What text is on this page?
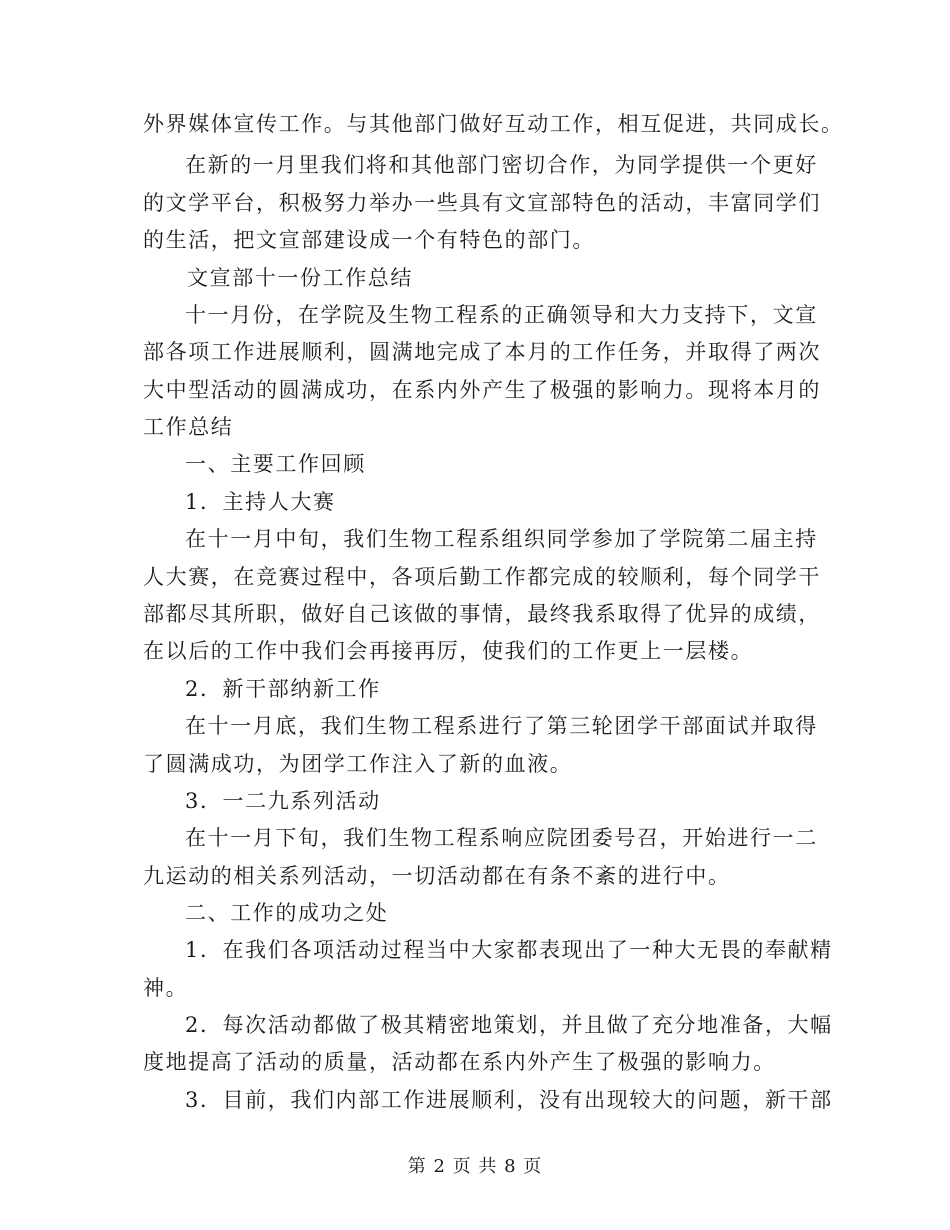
外界媒体宣传工作。与其他部门做好互动工作，相互促进，共同成长。
在新的一月里我们将和其他部门密切合作，为同学提供一个更好
的文学平台，积极努力举办一些具有文宣部特色的活动，丰富同学们
的生活，把文宣部建设成一个有特色的部门。
文宣部十一份工作总结
十一月份，在学院及生物工程系的正确领导和大力支持下，文宣
部各项工作进展顺利，圆满地完成了本月的工作任务，并取得了两次
大中型活动的圆满成功，在系内外产生了极强的影响力。现将本月的
工作总结
一、主要工作回顾
1．主持人大赛
在十一月中旬，我们生物工程系组织同学参加了学院第二届主持
人大赛，在竞赛过程中，各项后勤工作都完成的较顺利，每个同学干
部都尽其所职，做好自己该做的事情，最终我系取得了优异的成绩，
在以后的工作中我们会再接再厉，使我们的工作更上一层楼。
2．新干部纳新工作
在十一月底，我们生物工程系进行了第三轮团学干部面试并取得
了圆满成功，为团学工作注入了新的血液。
3．一二九系列活动
在十一月下旬，我们生物工程系响应院团委号召，开始进行一二
九运动的相关系列活动，一切活动都在有条不紊的进行中。
二、工作的成功之处
1．在我们各项活动过程当中大家都表现出了一种大无畏的奉献精
神。
2．每次活动都做了极其精密地策划，并且做了充分地准备，大幅
度地提高了活动的质量，活动都在系内外产生了极强的影响力。
3．目前，我们内部工作进展顺利，没有出现较大的问题，新干部
第 2 页 共 8 页
